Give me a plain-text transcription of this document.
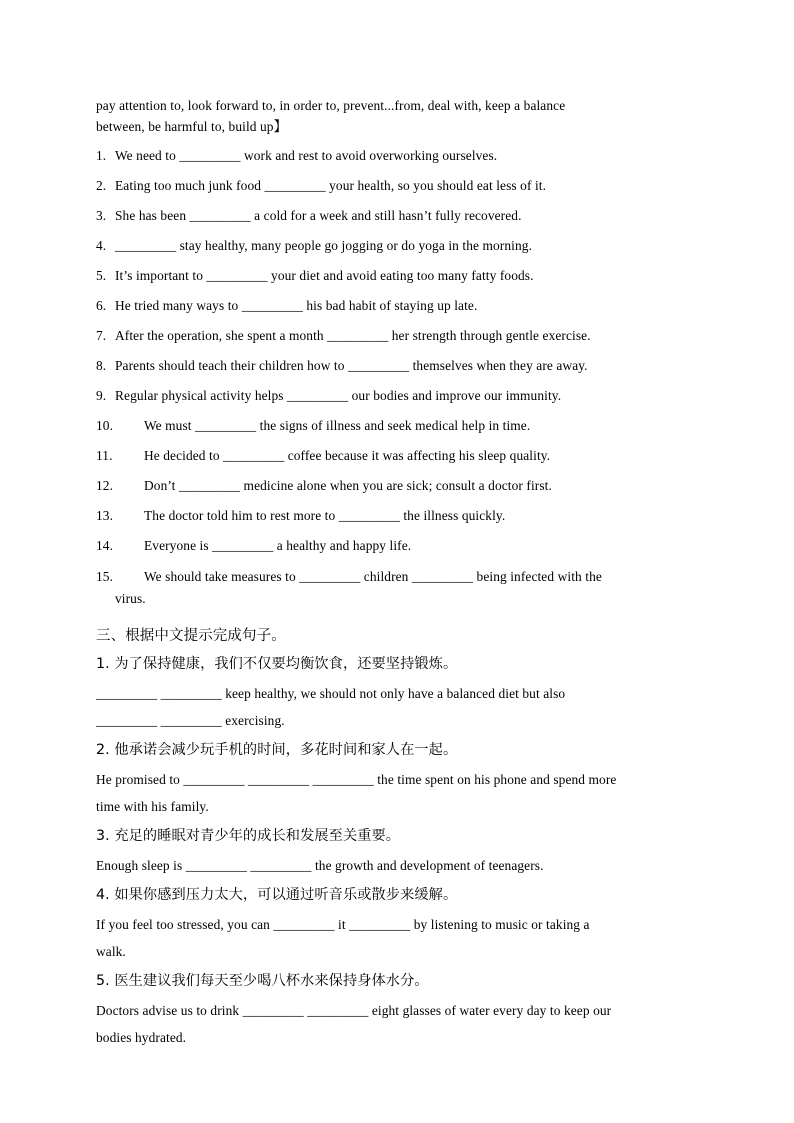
pay attention to, look forward to, in order to, prevent...from, deal with, keep a balance
between, be harmful to, build up】

1. We need to _________ work and rest to avoid overworking ourselves.
2. Eating too much junk food _________ your health, so you should eat less of it.
3. She has been _________ a cold for a week and still hasn’t fully recovered.
4. _________ stay healthy, many people go jogging or do yoga in the morning.
5. It’s important to _________ your diet and avoid eating too many fatty foods.
6. He tried many ways to _________ his bad habit of staying up late.
7. After the operation, she spent a month _________ her strength through gentle exercise.
8. Parents should teach their children how to _________ themselves when they are away.
9. Regular physical activity helps _________ our bodies and improve our immunity.
10. We must _________ the signs of illness and seek medical help in time.
11. He decided to _________ coffee because it was affecting his sleep quality.
12. Don’t _________ medicine alone when you are sick; consult a doctor first.
13. The doctor told him to rest more to _________ the illness quickly.
14. Everyone is _________ a healthy and happy life.
15. We should take measures to _________ children _________ being infected with the
virus.
三、根据中文提示完成句子。
1. 为了保持健康，我们不仅要均衡饮食，还要坚持锻炼。

_________ _________ keep healthy, we should not only have a balanced diet but also
_________ _________ exercising.

2. 他承诺会减少玩手机的时间，多花时间和家人在一起。

He promised to _________ _________ _________ the time spent on his phone and spend more
time with his family.

3. 充足的睡眠对青少年的成长和发展至关重要。

Enough sleep is _________ _________ the growth and development of teenagers.

4. 如果你感到压力太大，可以通过听音乐或散步来缓解。

If you feel too stressed, you can _________ it _________ by listening to music or taking a
walk.

5. 医生建议我们每天至少喝八杯水来保持身体水分。

Doctors advise us to drink _________ _________ eight glasses of water every day to keep our
bodies hydrated.
